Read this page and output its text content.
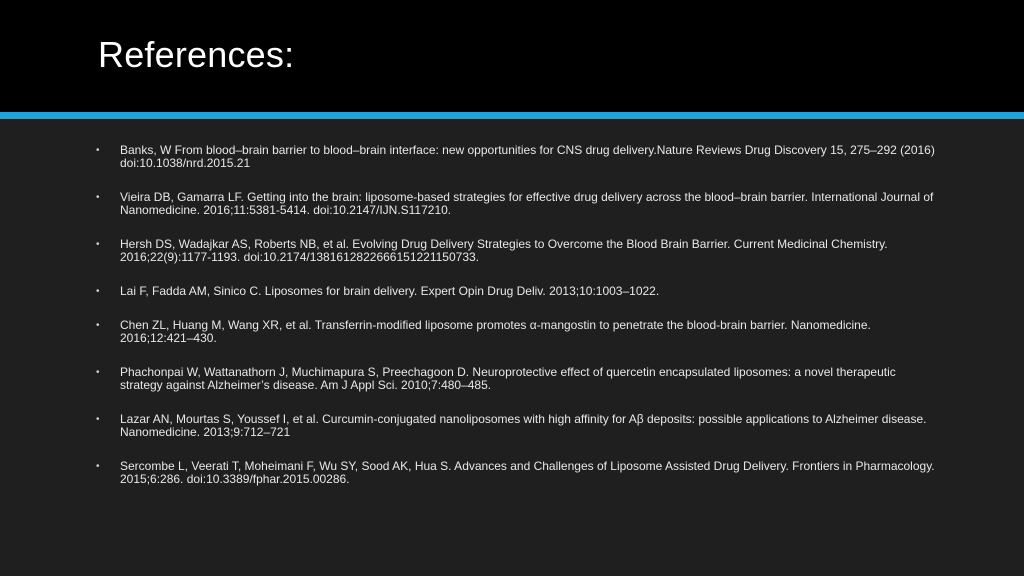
References:
• Banks, W From blood–brain barrier to blood–brain interface: new opportunities for CNS drug delivery.Nature Reviews Drug Discovery 15, 275–292 (2016) doi:10.1038/nrd.2015.21
• Vieira DB, Gamarra LF. Getting into the brain: liposome-based strategies for effective drug delivery across the blood–brain barrier. International Journal of Nanomedicine. 2016;11:5381-5414. doi:10.2147/IJN.S117210.
• Hersh DS, Wadajkar AS, Roberts NB, et al. Evolving Drug Delivery Strategies to Overcome the Blood Brain Barrier. Current Medicinal Chemistry. 2016;22(9):1177-1193. doi:10.2174/1381612822666151221150733.
• Lai F, Fadda AM, Sinico C. Liposomes for brain delivery. Expert Opin Drug Deliv. 2013;10:1003–1022.
• Chen ZL, Huang M, Wang XR, et al. Transferrin-modified liposome promotes α-mangostin to penetrate the blood-brain barrier. Nanomedicine. 2016;12:421–430.
• Phachonpai W, Wattanathorn J, Muchimapura S, Preechagoon D. Neuroprotective effect of quercetin encapsulated liposomes: a novel therapeutic strategy against Alzheimer’s disease. Am J Appl Sci. 2010;7:480–485.
• Lazar AN, Mourtas S, Youssef I, et al. Curcumin-conjugated nanoliposomes with high affinity for Aβ deposits: possible applications to Alzheimer disease. Nanomedicine. 2013;9:712–721
• Sercombe L, Veerati T, Moheimani F, Wu SY, Sood AK, Hua S. Advances and Challenges of Liposome Assisted Drug Delivery. Frontiers in Pharmacology. 2015;6:286. doi:10.3389/fphar.2015.00286.
